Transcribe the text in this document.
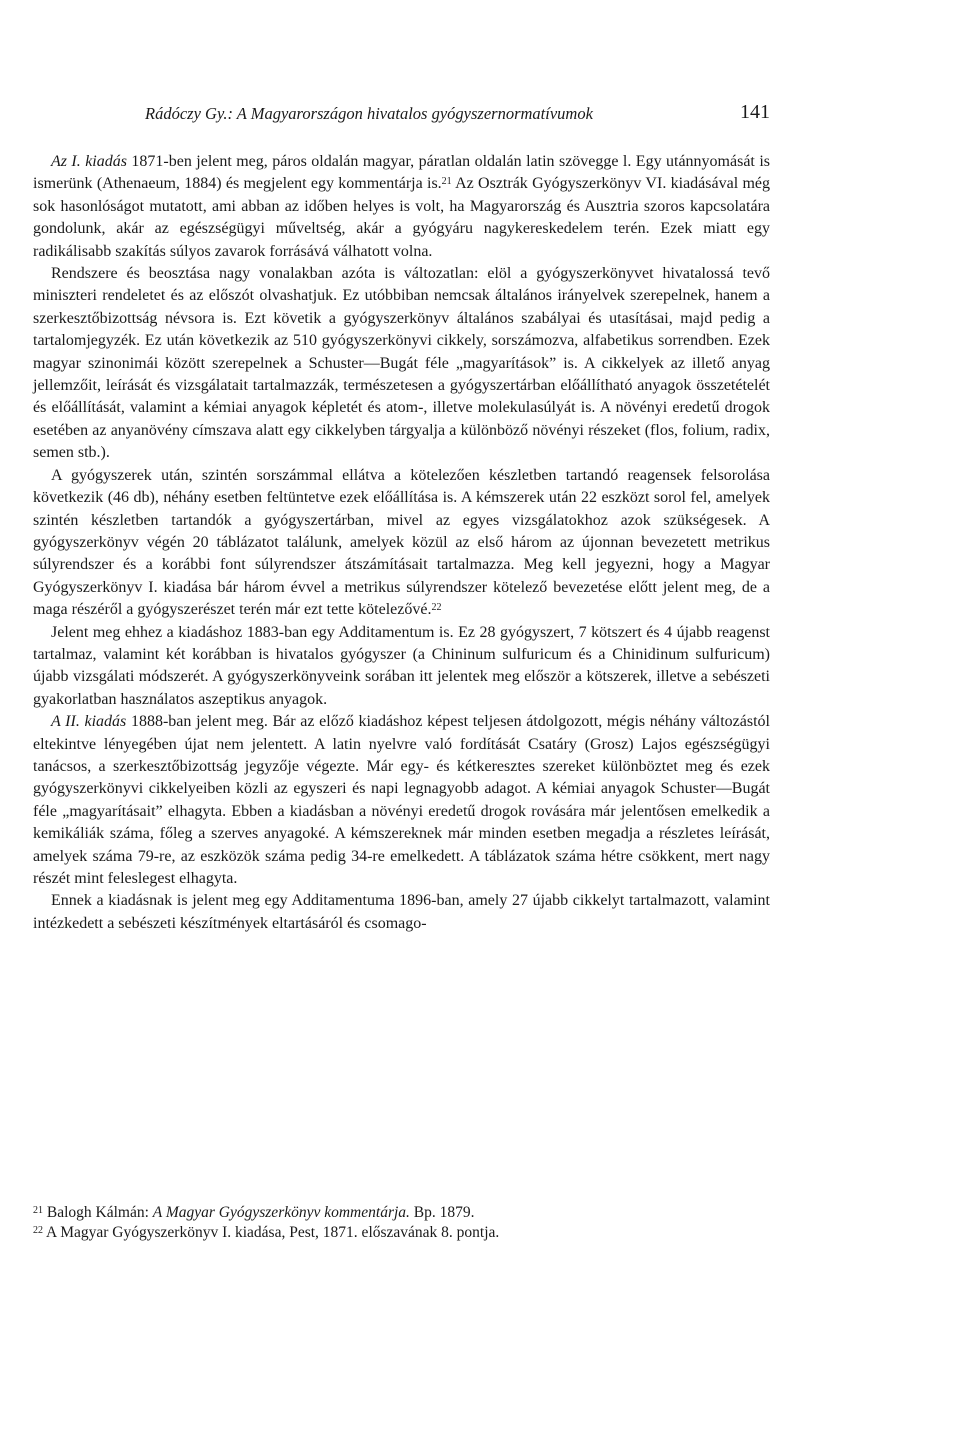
Rádóczy Gy.: A Magyarországon hivatalos gyógyszernormatívumok	141

Az I. kiadás 1871-ben jelent meg, páros oldalán magyar, páratlan oldalán latin szövegge l. Egy utánnyomását is ismerünk (Athenaeum, 1884) és megjelent egy kommentárja is.$^{21}$ Az Osztrák Gyógyszerkönyv VI. kiadásával még sok hasonlóságot mutatott, ami abban az időben helyes is volt, ha Magyarország és Ausztria szoros kapcsolatára gondolunk, akár az egészségügyi műveltség, akár a gyógyáru nagykereskedelem terén. Ezek miatt egy radikálisabb szakítás súlyos zavarok forrásává válhatott volna.

Rendszere és beosztása nagy vonalakban azóta is változatlan: elöl a gyógyszerkönyvet hivatalossá tevő miniszteri rendeletet és az előszót olvashatjuk. Ez utóbbiban nemcsak általános irányelvek szerepelnek, hanem a szerkesztőbizottság névsora is. Ezt követik a gyógyszerkönyv általános szabályai és utasításai, majd pedig a tartalomjegyzék. Ez után következik az 510 gyógyszerkönyvi cikkely, sorszámozva, alfabetikus sorrendben. Ezek magyar szinonimái között szerepelnek a Schuster—Bugát féle „magyarítások” is. A cikkelyek az illető anyag jellemzőit, leírását és vizsgálatait tartalmazzák, természetesen a gyógyszertárban előállítható anyagok összetételét és előállítását, valamint a kémiai anyagok képletét és atom-, illetve molekulasúlyát is. A növényi eredetű drogok esetében az anyanövény címszava alatt egy cikkelyben tárgyalja a különböző növényi részeket (flos, folium, radix, semen stb.).

A gyógyszerek után, szintén sorszámmal ellátva a kötelezően készletben tartandó reagensek felsorolása következik (46 db), néhány esetben feltüntetve ezek előállítása is. A kémszerek után 22 eszközt sorol fel, amelyek szintén készletben tartandók a gyógyszertárban, mivel az egyes vizsgálatokhoz azok szükségesek. A gyógyszerkönyv végén 20 táblázatot találunk, amelyek közül az első három az újonnan bevezetett metrikus súlyrendszer és a korábbi font súlyrendszer átszámításait tartalmazza. Meg kell jegyezni, hogy a Magyar Gyógyszerkönyv I. kiadása bár három évvel a metrikus súlyrendszer kötelező bevezetése előtt jelent meg, de a maga részéről a gyógyszerészet terén már ezt tette kötelezővé.$^{22}$

Jelent meg ehhez a kiadáshoz 1883-ban egy Additamentum is. Ez 28 gyógyszert, 7 kötszert és 4 újabb reagenst tartalmaz, valamint két korábban is hivatalos gyógyszer (a Chininum sulfuricum és a Chinidinum sulfuricum) újabb vizsgálati módszerét. A gyógyszerkönyveink sorában itt jelentek meg először a kötszerek, illetve a sebészeti gyakorlatban használatos aszeptikus anyagok.

A II. kiadás 1888-ban jelent meg. Bár az előző kiadáshoz képest teljesen átdolgozott, mégis néhány változástól eltekintve lényegében újat nem jelentett. A latin nyelvre való fordítását Csatáry (Grosz) Lajos egészségügyi tanácsos, a szerkesztőbizottság jegyzője végezte. Már egy- és kétkeresztes szereket különböztet meg és ezek gyógyszerkönyvi cikkelyeiben közli az egyszeri és napi legnagyobb adagot. A kémiai anyagok Schuster—Bugát féle „magyarításait” elhagyta. Ebben a kiadásban a növényi eredetű drogok rovására már jelentősen emelkedik a kemikáliák száma, főleg a szerves anyagoké. A kémszereknek már minden esetben megadja a részletes leírását, amelyek száma 79-re, az eszközök száma pedig 34-re emelkedett. A táblázatok száma hétre csökkent, mert nagy részét mint feleslegest elhagyta.

Ennek a kiadásnak is jelent meg egy Additamentuma 1896-ban, amely 27 újabb cikkelyt tartalmazott, valamint intézkedett a sebészeti készítmények eltartásáról és csomago-

$^{21}$ Balogh Kálmán: A Magyar Gyógyszerkönyv kommentárja. Bp. 1879.

$^{22}$ A Magyar Gyógyszerkönyv I. kiadása, Pest, 1871. előszavának 8. pontja.
